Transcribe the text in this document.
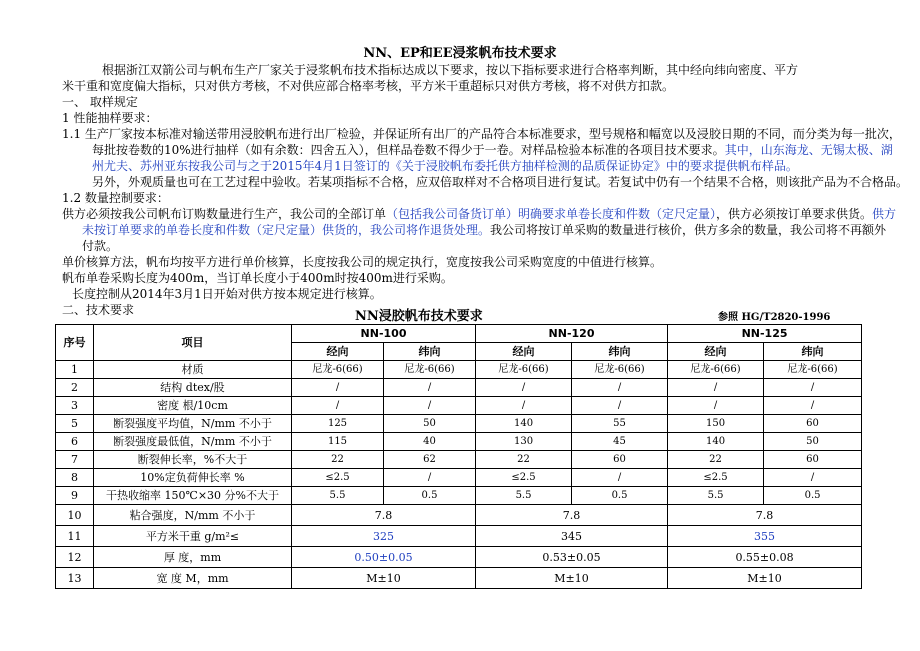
NN、EP和EE浸浆帆布技术要求
根据浙江双箭公司与帆布生产厂家关于浸浆帆布技术指标达成以下要求，按以下指标要求进行合格率判断，其中经向纬向密度、平方
米干重和宽度偏大指标，只对供方考核，不对供应部合格率考核，平方米干重超标只对供方考核，将不对供方扣款。
一、 取样规定
1 性能抽样要求：
1.1 生产厂家按本标准对输送带用浸胶帆布进行出厂检验，并保证所有出厂的产品符合本标准要求，型号规格和幅宽以及浸胶日期的不同，而分类为每一批次，
每批按卷数的10%进行抽样（如有余数：四舍五入），但样品卷数不得少于一卷。对样品检验本标准的各项目技术要求。其中，山东海龙、无锡太极、湖
州尤夫、苏州亚东按我公司与之于2015年4月1日签订的《关于浸胶帆布委托供方抽样检测的品质保证协定》中的要求提供帆布样品。
另外，外观质量也可在工艺过程中验收。若某项指标不合格，应双倍取样对不合格项目进行复试。若复试中仍有一个结果不合格，则该批产品为不合格品。
1.2 数量控制要求：
供方必须按我公司帆布订购数量进行生产，我公司的全部订单（包括我公司备货订单）明确要求单卷长度和件数（定尺定量），供方必须按订单要求供货。供方
未按订单要求的单卷长度和件数（定尺定量）供货的，我公司将作退货处理。我公司将按订单采购的数量进行核价，供方多余的数量，我公司将不再额外
付款。
单价核算方法，帆布均按平方进行单价核算，长度按我公司的规定执行，宽度按我公司采购宽度的中值进行核算。
帆布单卷采购长度为400m，当订单长度小于400m时按400m进行采购。
长度控制从2014年3月1日开始对供方按本规定进行核算。
二、技术要求	NN浸胶帆布技术要求	参照 HG/T2820-1996
序号	项目	NN-100		NN-120		NN-125	
		经向	纬向	经向	纬向	经向	纬向
1	材质	尼龙-6(66)	尼龙-6(66)	尼龙-6(66)	尼龙-6(66)	尼龙-6(66)	尼龙-6(66)
2	结构 dtex/股	/	/	/	/	/	/
3	密度 根/10cm	/	/	/	/	/	/
5	断裂强度平均值，N/mm 不小于	125	50	140	55	150	60
6	断裂强度最低值，N/mm 不小于	115	40	130	45	140	50
7	断裂伸长率，%不大于	22	62	22	60	22	60
8	10%定负荷伸长率 %	≤2.5	/	≤2.5	/	≤2.5	/
9	干热收缩率 150℃×30 分%不大于	5.5	0.5	5.5	0.5	5.5	0.5
10	粘合强度，N/mm 不小于	7.8		7.8		7.8	
11	平方米干重 g/m²≤	325		345		355	
12	厚 度，mm	0.50±0.05		0.53±0.05		0.55±0.08	
13	宽 度 M，mm	M±10		M±10		M±10	
